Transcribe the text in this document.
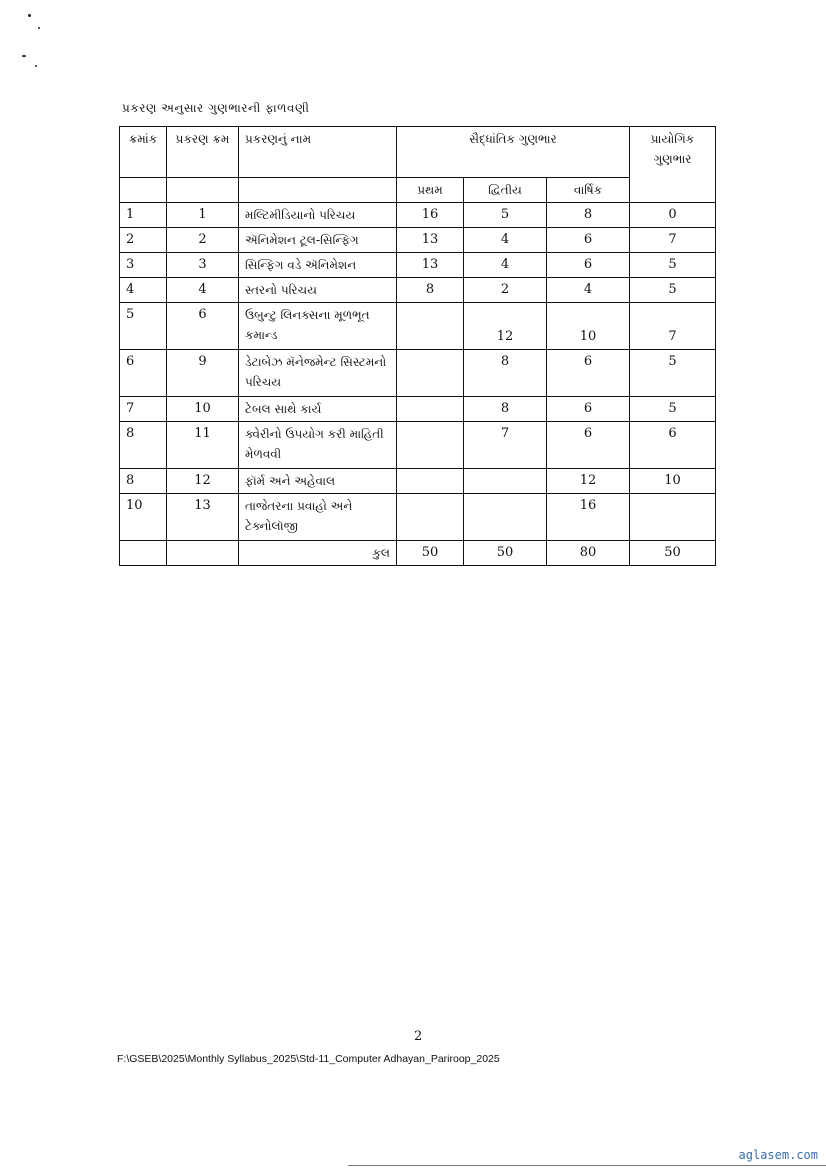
પ્રકરણ અનુસાર ગુણભારની ફાળવણી
ક્રમાંક	પ્રકરણ ક્રમ	પ્રકરણનું નામ	સૈદ્ધાંતિક ગુણભાર			પ્રાયોગિક ગુણભાર
			પ્રથમ	દ્વિતીય	વાર્ષિક	
1	1	મલ્ટિમીડિયાનો પરિચય	16	5	8	0
2	2	ઍનિમેશન ટૂલ-સિન્ફિગ	13	4	6	7
3	3	સિન્ફિગ વડે ઍનિમેશન	13	4	6	5
4	4	સ્તરનો પરિચય	8	2	4	5
5	6	ઉબુન્ટુ લિનક્સના મૂળભૂત કમાન્ડ		12	10	7
6	9	ડેટાબેઝ મૅનેજમેન્ટ સિસ્ટમનો પરિચય		8	6	5
7	10	ટેબલ સાથે કાર્ય		8	6	5
8	11	ક્વેરીનો ઉપયોગ કરી માહિતી મેળવવી		7	6	6
8	12	ફૉર્મ અને અહેવાલ			12	10
10	13	તાજેતરના પ્રવાહો અને ટેક્નોલૉજી			16	
		કુલ	50	50	80	50
2
F:\GSEB\2025\Monthly Syllabus_2025\Std-11_Computer Adhayan_Pariroop_2025
aglasem.com
